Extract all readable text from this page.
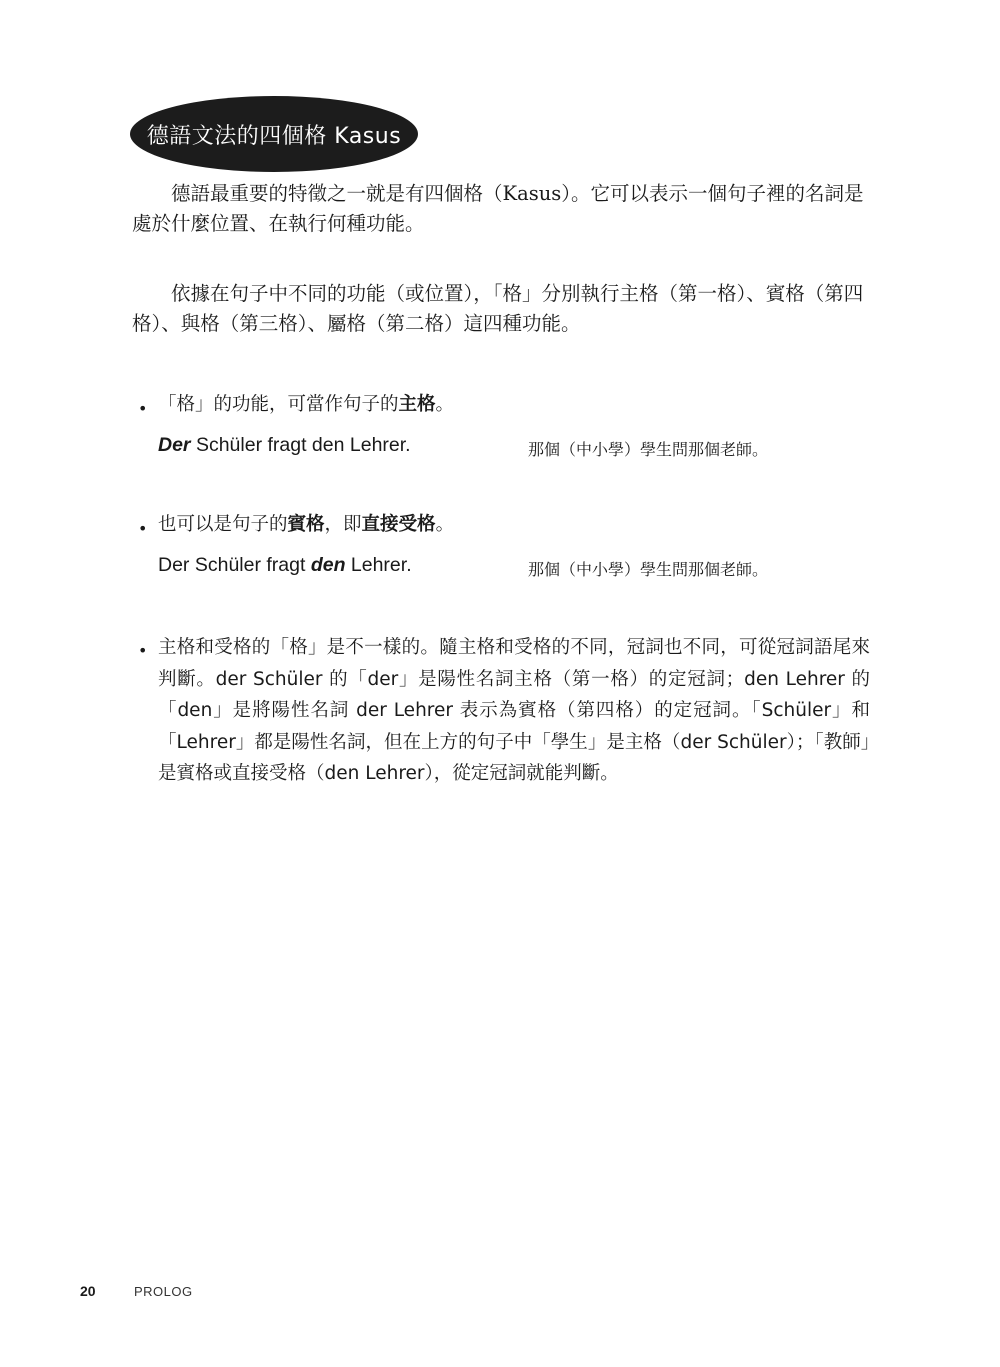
德語文法的四個格 Kasus

德語最重要的特徵之一就是有四個格（Kasus）。它可以表示一個句子裡的名詞是處於什麼位置、在執行何種功能。

依據在句子中不同的功能（或位置），「格」分別執行主格（第一格）、賓格（第四格）、與格（第三格）、屬格（第二格）這四種功能。

• 「格」的功能，可當作句子的主格。
Der Schüler fragt den Lehrer.	那個（中小學）學生問那個老師。
• 也可以是句子的賓格，即直接受格。
Der Schüler fragt den Lehrer.	那個（中小學）學生問那個老師。
• 主格和受格的「格」是不一樣的。隨主格和受格的不同，冠詞也不同，可從冠詞語尾來判斷。der Schüler 的「der」是陽性名詞主格（第一格）的定冠詞；den Lehrer 的「den」是將陽性名詞 der Lehrer 表示為賓格（第四格）的定冠詞。「Schüler」和「Lehrer」都是陽性名詞，但在上方的句子中「學生」是主格（der Schüler）；「教師」是賓格或直接受格（den Lehrer），從定冠詞就能判斷。

20	PROLOG
